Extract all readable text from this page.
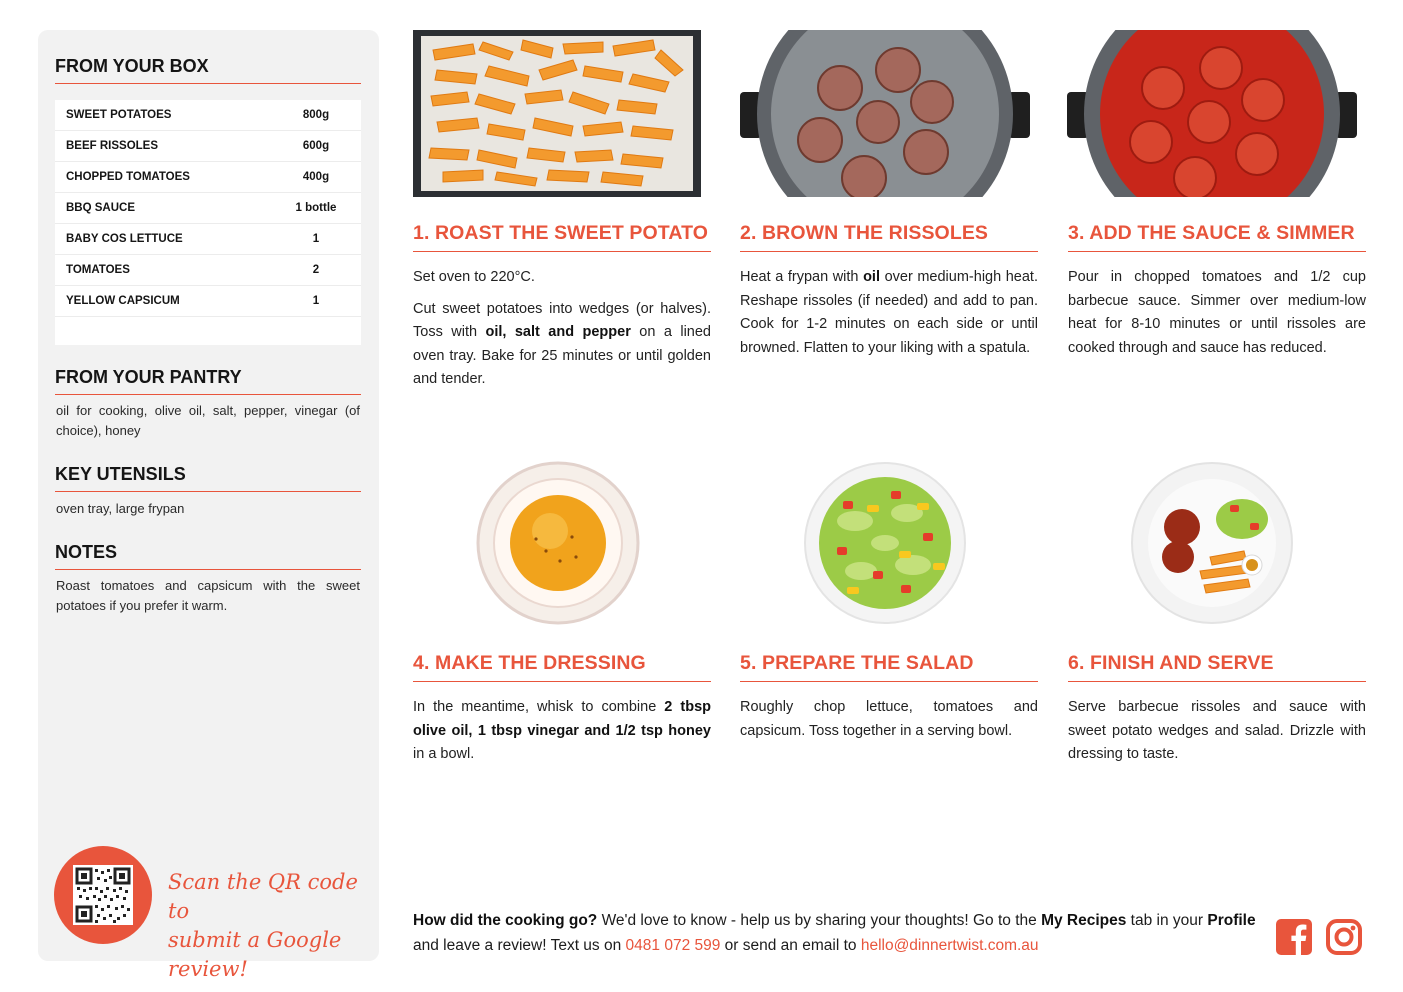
FROM YOUR BOX
SWEET POTATOES	800g
BEEF RISSOLES	600g
CHOPPED TOMATOES	400g
BBQ SAUCE	1 bottle
BABY COS LETTUCE	1
TOMATOES	2
YELLOW CAPSICUM	1
FROM YOUR PANTRY
oil for cooking, olive oil, salt, pepper, vinegar (of choice), honey
KEY UTENSILS
oven tray, large frypan
NOTES
Roast tomatoes and capsicum with the sweet potatoes if you prefer it warm.
Scan the QR code to
submit a Google review!
1. ROAST THE SWEET POTATO

Set oven to 220°C.

Cut sweet potatoes into wedges (or halves). Toss with oil, salt and pepper on a lined oven tray. Bake for 25 minutes or until golden and tender.

2. BROWN THE RISSOLES

Heat a frypan with oil over medium-high heat. Reshape rissoles (if needed) and add to pan. Cook for 1-2 minutes on each side or until browned. Flatten to your liking with a spatula.

3. ADD THE SAUCE & SIMMER

Pour in chopped tomatoes and 1/2 cup barbecue sauce. Simmer over medium-low heat for 8-10 minutes or until rissoles are cooked through and sauce has reduced.

4. MAKE THE DRESSING

In the meantime, whisk to combine 2 tbsp olive oil, 1 tbsp vinegar and 1/2 tsp honey in a bowl.

5. PREPARE THE SALAD

Roughly chop lettuce, tomatoes and capsicum. Toss together in a serving bowl.

6. FINISH AND SERVE

Serve barbecue rissoles and sauce with sweet potato wedges and salad. Drizzle with dressing to taste.

How did the cooking go? We'd love to know - help us by sharing your thoughts! Go to the My Recipes tab in your Profile and leave a review! Text us on 0481 072 599 or send an email to hello@dinnertwist.com.au
